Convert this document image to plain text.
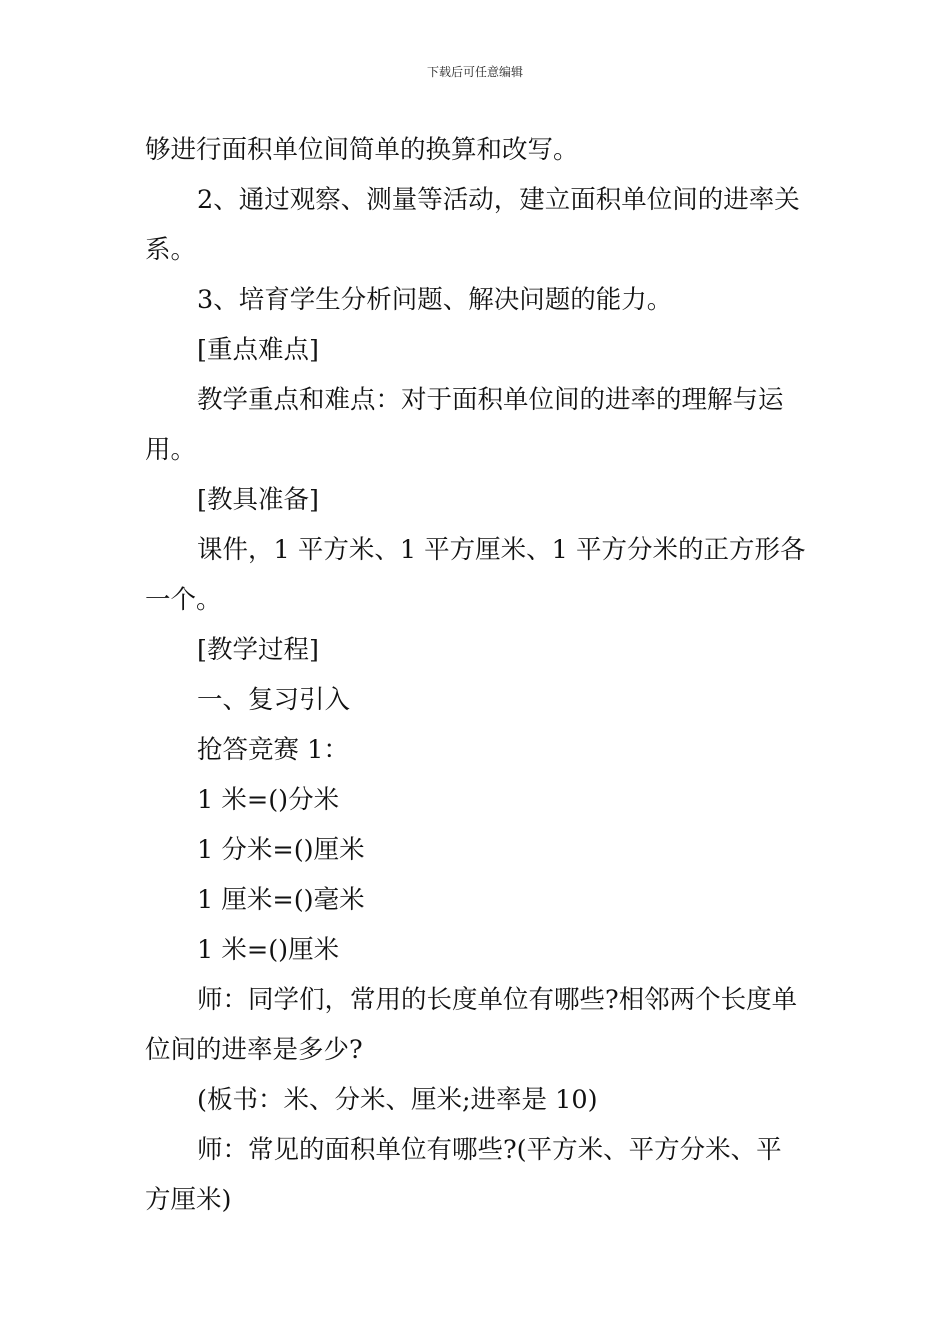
下载后可任意编辑

够进行面积单位间简单的换算和改写。

2、通过观察、测量等活动，建立面积单位间的进率关

系。

3、培育学生分析问题、解决问题的能力。

[重点难点]

教学重点和难点：对于面积单位间的进率的理解与运

用。

[教具准备]

课件，1 平方米、1 平方厘米、1 平方分米的正方形各

一个。

[教学过程]

一、复习引入

抢答竞赛 1：

1 米=()分米

1 分米=()厘米

1 厘米=()毫米

1 米=()厘米

师：同学们，常用的长度单位有哪些?相邻两个长度单

位间的进率是多少?

(板书：米、分米、厘米;进率是 10)

师：常见的面积单位有哪些?(平方米、平方分米、平

方厘米)
